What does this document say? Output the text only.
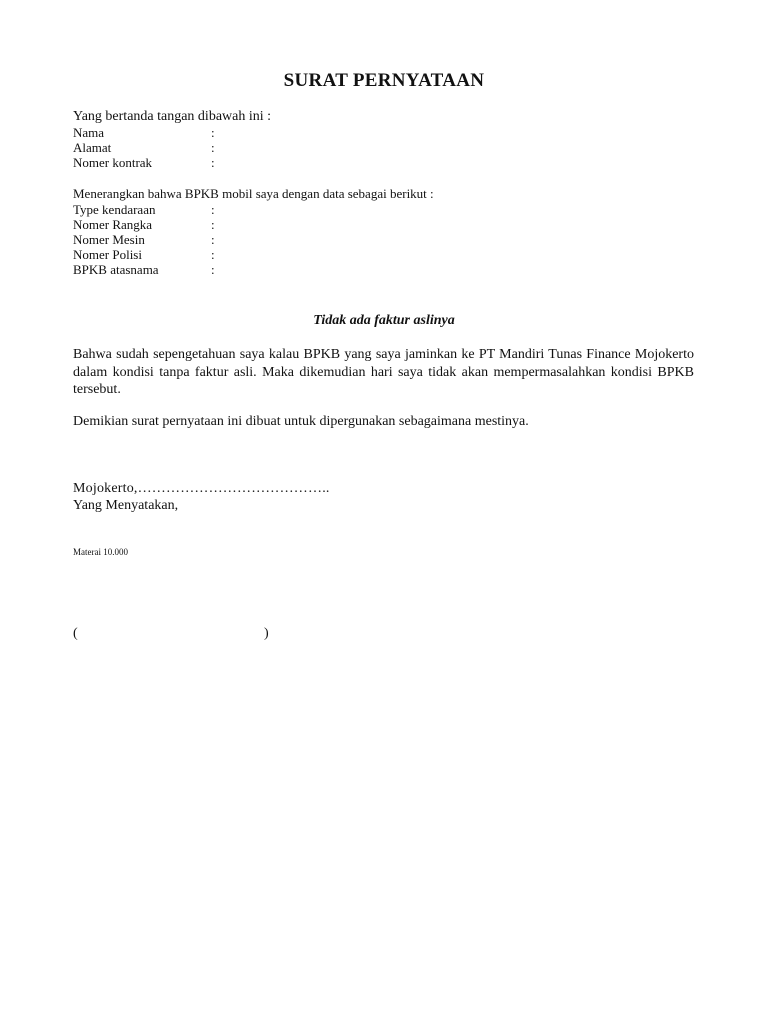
SURAT PERNYATAAN
Yang bertanda tangan dibawah ini :
Nama	:
Alamat	:
Nomer kontrak	:
Menerangkan bahwa BPKB mobil saya dengan data sebagai berikut :
Type kendaraan	:
Nomer Rangka	:
Nomer Mesin	:
Nomer Polisi	:
BPKB atasnama	:
Tidak ada faktur aslinya
Bahwa sudah sepengetahuan saya kalau BPKB yang saya jaminkan ke PT Mandiri Tunas Finance Mojokerto dalam kondisi tanpa faktur asli. Maka dikemudian hari saya tidak akan mempermasalahkan kondisi BPKB tersebut.
Demikian surat pernyataan ini dibuat untuk dipergunakan sebagaimana mestinya.
Mojokerto,…………………………………..
Yang Menyatakan,
Materai 10.000
(	)
